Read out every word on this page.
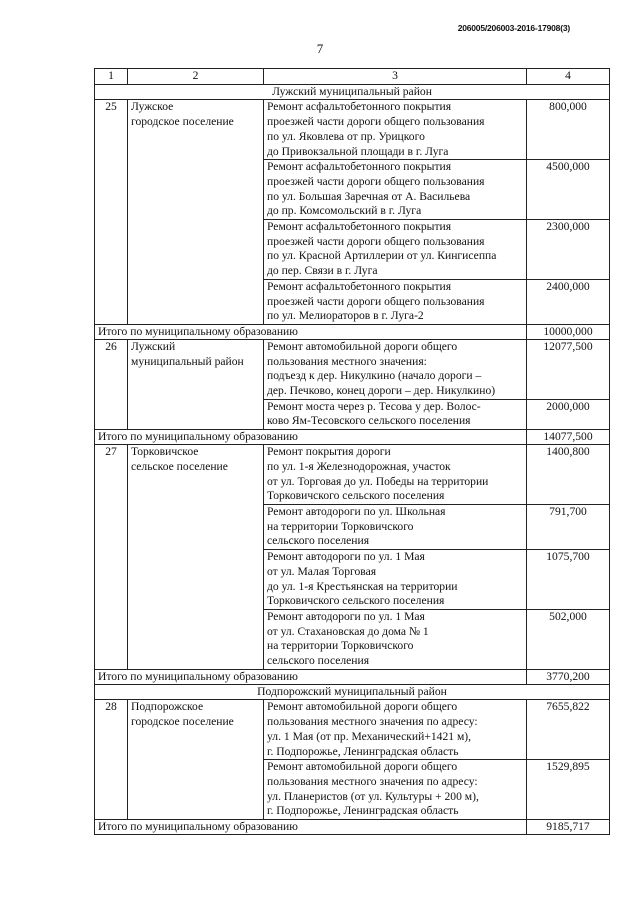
206005/206003-2016-17908(3)
7
1	2	3	4
Лужский муниципальный район			
25	Лужское
городское поселение	Ремонт асфальтобетонного покрытия
проезжей части дороги общего пользования
по ул. Яковлева от пр. Урицкого
до Привокзальной площади в г. Луга	800,000
		Ремонт асфальтобетонного покрытия
проезжей части дороги общего пользования
по ул. Большая Заречная от А. Васильева
до пр. Комсомольский в г. Луга	4500,000
		Ремонт асфальтобетонного покрытия
проезжей части дороги общего пользования
по ул. Красной Артиллерии от ул. Кингисеппа
до пер. Связи в г. Луга	2300,000
		Ремонт асфальтобетонного покрытия
проезжей части дороги общего пользования
по ул. Мелиораторов в г. Луга-2	2400,000
Итого по муниципальному образованию			10000,000
26	Лужский
муниципальный район	Ремонт автомобильной дороги общего
пользования местного значения:
подъезд к дер. Никулкино (начало дороги –
дер. Печково, конец дороги – дер. Никулкино)	12077,500
		Ремонт моста через р. Тесова у дер. Волос-
ково Ям-Тесовского сельского поселения	2000,000
Итого по муниципальному образованию			14077,500
27	Торковичское
сельское поселение	Ремонт покрытия дороги
по ул. 1-я Железнодорожная, участок
от ул. Торговая до ул. Победы на территории
Торковичского сельского поселения	1400,800
		Ремонт автодороги по ул. Школьная
на территории Торковичского
сельского поселения	791,700
		Ремонт автодороги по ул. 1 Мая
от ул. Малая Торговая
до ул. 1-я Крестьянская на территории
Торковичского сельского поселения	1075,700
		Ремонт автодороги по ул. 1 Мая
от ул. Стахановская до дома № 1
на территории Торковичского
сельского поселения	502,000
Итого по муниципальному образованию			3770,200
Подпорожский муниципальный район			
28	Подпорожское
городское поселение	Ремонт автомобильной дороги общего
пользования местного значения по адресу:
ул. 1 Мая (от пр. Механический+1421 м),
г. Подпорожье, Ленинградская область	7655,822
		Ремонт автомобильной дороги общего
пользования местного значения по адресу:
ул. Планеристов (от ул. Культуры + 200 м),
г. Подпорожье, Ленинградская область	1529,895
Итого по муниципальному образованию			9185,717
